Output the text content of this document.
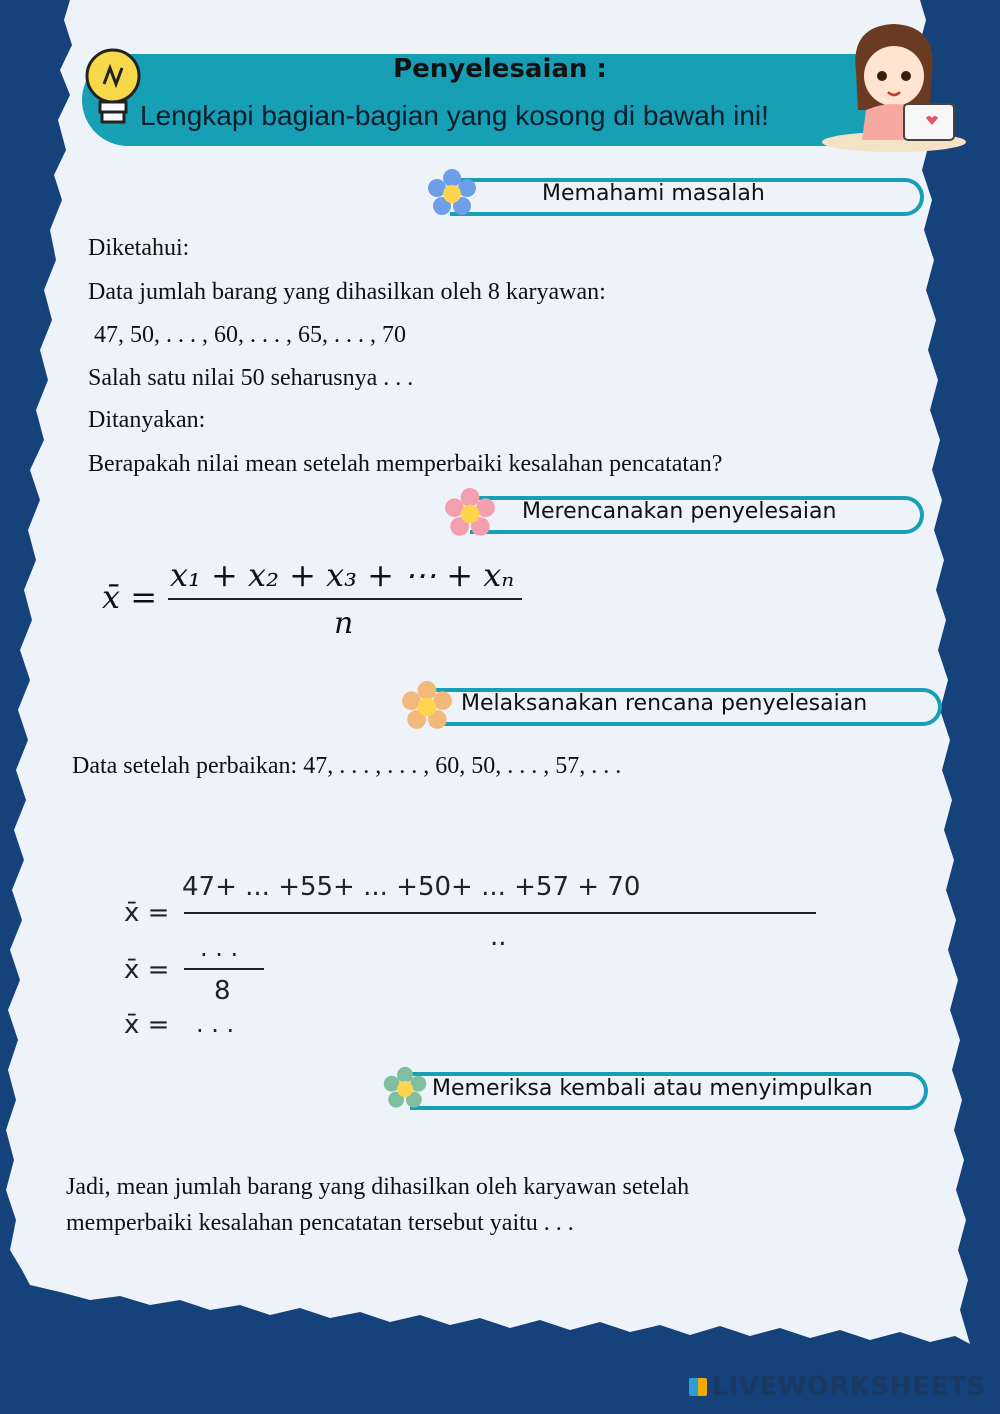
Penyelesaian :
Lengkapi bagian-bagian yang kosong di bawah ini!
Memahami masalah
Diketahui:
Data jumlah barang yang dihasilkan oleh 8 karyawan:
47, 50, . . . , 60, . . . , 65, . . . , 70
Salah satu nilai 50 seharusnya . . .
Ditanyakan:
Berapakah nilai mean setelah memperbaiki kesalahan pencatatan?
Merencanakan penyelesaian
x̄ =
x₁ + x₂ + x₃ + ⋯ + xₙ
n
Melaksanakan rencana penyelesaian
Data setelah perbaikan: 47, . . . , . . . , 60, 50, . . . , 57, . . .
x̄ =
47+ ... +55+ ... +50+ ... +57 + 70
..
x̄ =
. . .
8
x̄ = . . .
Memeriksa kembali atau menyimpulkan
Jadi, mean jumlah barang yang dihasilkan oleh karyawan setelah
memperbaiki kesalahan pencatatan tersebut yaitu . . .
LIVEWORKSHEETS
